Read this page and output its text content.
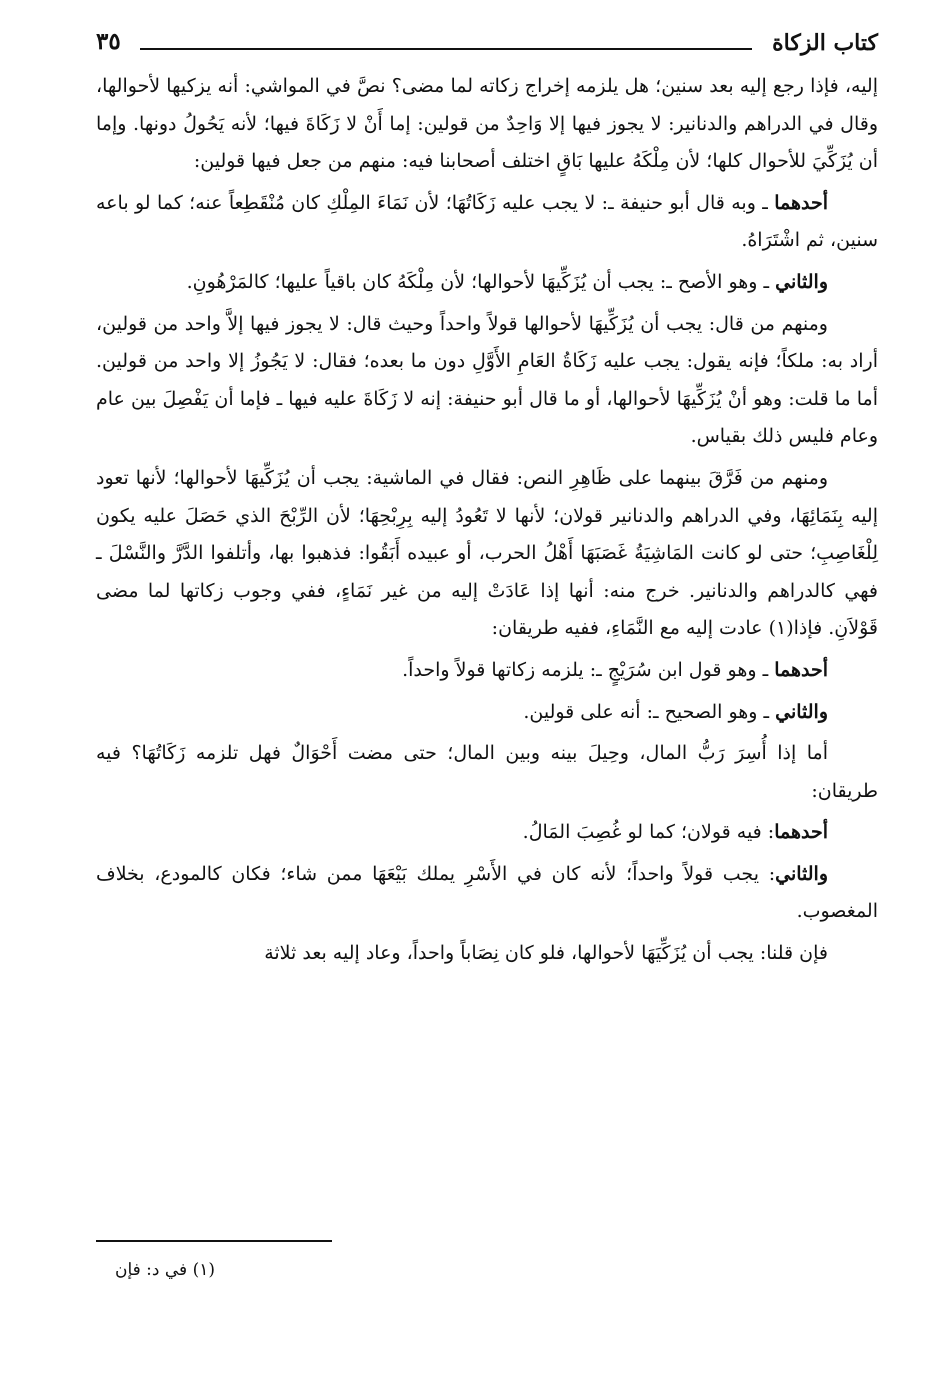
كتاب الزكاة
٣٥

إليه، فإذا رجع إليه بعد سنين؛ هل يلزمه إخراج زكاته لما مضى؟ نصَّ في المواشي: أنه يزكيها لأحوالها، وقال في الدراهم والدنانير: لا يجوز فيها إلا وَاحِدٌ من قولين: إما أَنْ لا زَكَاةَ فيها؛ لأنه يَحُولُ دونها. وإما أن يُزَكِّيَ للأحوال كلها؛ لأن مِلْكَهُ عليها بَاقٍ اختلف أصحابنا فيه: منهم من جعل فيها قولين:

أحدهما ـ وبه قال أبو حنيفة ـ: لا يجب عليه زَكَاتُهَا؛ لأن نَمَاءَ المِلْكِ كان مُنْقَطِعاً عنه؛ كما لو باعه سنين، ثم اشْتَرَاهُ.

والثاني ـ وهو الأصح ـ: يجب أن يُزَكِّيهَا لأحوالها؛ لأن مِلْكَهُ كان باقياً عليها؛ كالمَرْهُونِ.

ومنهم من قال: يجب أن يُزَكِّيهَا لأحوالها قولاً واحداً وحيث قال: لا يجوز فيها إلاَّ واحد من قولين، أراد به: ملكاً؛ فإنه يقول: يجب عليه زَكَاةُ العَامِ الأَوَّلِ دون ما بعده؛ فقال: لا يَجُوزُ إلا واحد من قولين. أما ما قلت: وهو أنْ يُزَكِّيهَا لأحوالها، أو ما قال أبو حنيفة: إنه لا زَكَاةَ عليه فيها ـ فإما أن يَفْصِلَ بين عام وعام فليس ذلك بقياس.

ومنهم من فَرَّقَ بينهما على ظَاهِرِ النص: فقال في الماشية: يجب أن يُزَكِّيهَا لأحوالها؛ لأنها تعود إليه بِنَمَائِهَا، وفي الدراهم والدنانير قولان؛ لأنها لا تَعُودُ إليه بِرِبْحِهَا؛ لأن الرِّبْحَ الذي حَصَلَ عليه يكون لِلْغَاصِبِ؛ حتى لو كانت المَاشِيَةُ غَصَبَهَا أَهْلُ الحرب، أو عبيده أَبَقُوا: فذهبوا بها، وأتلفوا الدَّرَّ والنَّسْلَ ـ فهي كالدراهم والدنانير. خرج منه: أنها إذا عَادَتْ إليه من غير نَمَاءٍ، ففي وجوب زكاتها لما مضى قَوْلاَنِ. فإذا(١) عادت إليه مع النَّمَاءِ، ففيه طريقان:

أحدهما ـ وهو قول ابن سُرَيْجٍ ـ: يلزمه زكاتها قولاً واحداً.

والثاني ـ وهو الصحيح ـ: أنه على قولين.

أما إذا أُسِرَ رَبُّ المال، وحِيلَ بينه وبين المال؛ حتى مضت أَحْوَالٌ فهل تلزمه زَكَاتُهَا؟ فيه طريقان:

أحدهما: فيه قولان؛ كما لو غُصِبَ المَالُ.

والثاني: يجب قولاً واحداً؛ لأنه كان في الأَسْرِ يملك بَيْعَهَا ممن شاء؛ فكان كالمودع، بخلاف المغصوب.

فإن قلنا: يجب أن يُزَكِّيَهَا لأحوالها، فلو كان نِصَاباً واحداً، وعاد إليه بعد ثلاثة

(١) في د: فإن
